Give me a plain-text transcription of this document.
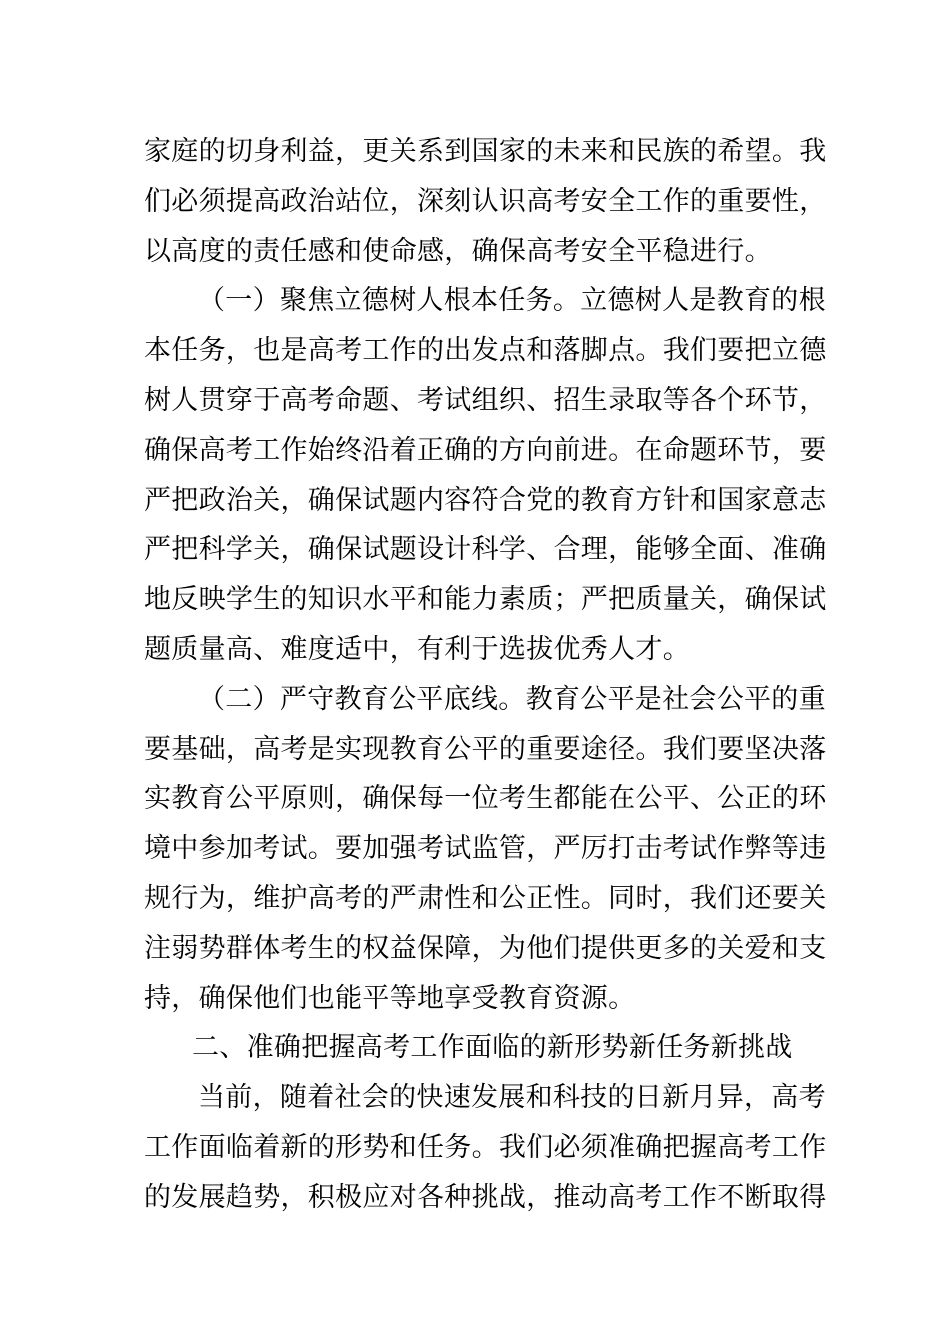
家庭的切身利益，更关系到国家的未来和民族的希望。我
们必须提高政治站位，深刻认识高考安全工作的重要性，
以高度的责任感和使命感，确保高考安全平稳进行。
（一）聚焦立德树人根本任务。立德树人是教育的根
本任务，也是高考工作的出发点和落脚点。我们要把立德
树人贯穿于高考命题、考试组织、招生录取等各个环节，
确保高考工作始终沿着正确的方向前进。在命题环节，要
严把政治关，确保试题内容符合党的教育方针和国家意志
严把科学关，确保试题设计科学、合理，能够全面、准确
地反映学生的知识水平和能力素质；严把质量关，确保试
题质量高、难度适中，有利于选拔优秀人才。
（二）严守教育公平底线。教育公平是社会公平的重
要基础，高考是实现教育公平的重要途径。我们要坚决落
实教育公平原则，确保每一位考生都能在公平、公正的环
境中参加考试。要加强考试监管，严厉打击考试作弊等违
规行为，维护高考的严肃性和公正性。同时，我们还要关
注弱势群体考生的权益保障，为他们提供更多的关爱和支
持，确保他们也能平等地享受教育资源。
二、准确把握高考工作面临的新形势新任务新挑战
当前，随着社会的快速发展和科技的日新月异，高考
工作面临着新的形势和任务。我们必须准确把握高考工作
的发展趋势，积极应对各种挑战，推动高考工作不断取得
